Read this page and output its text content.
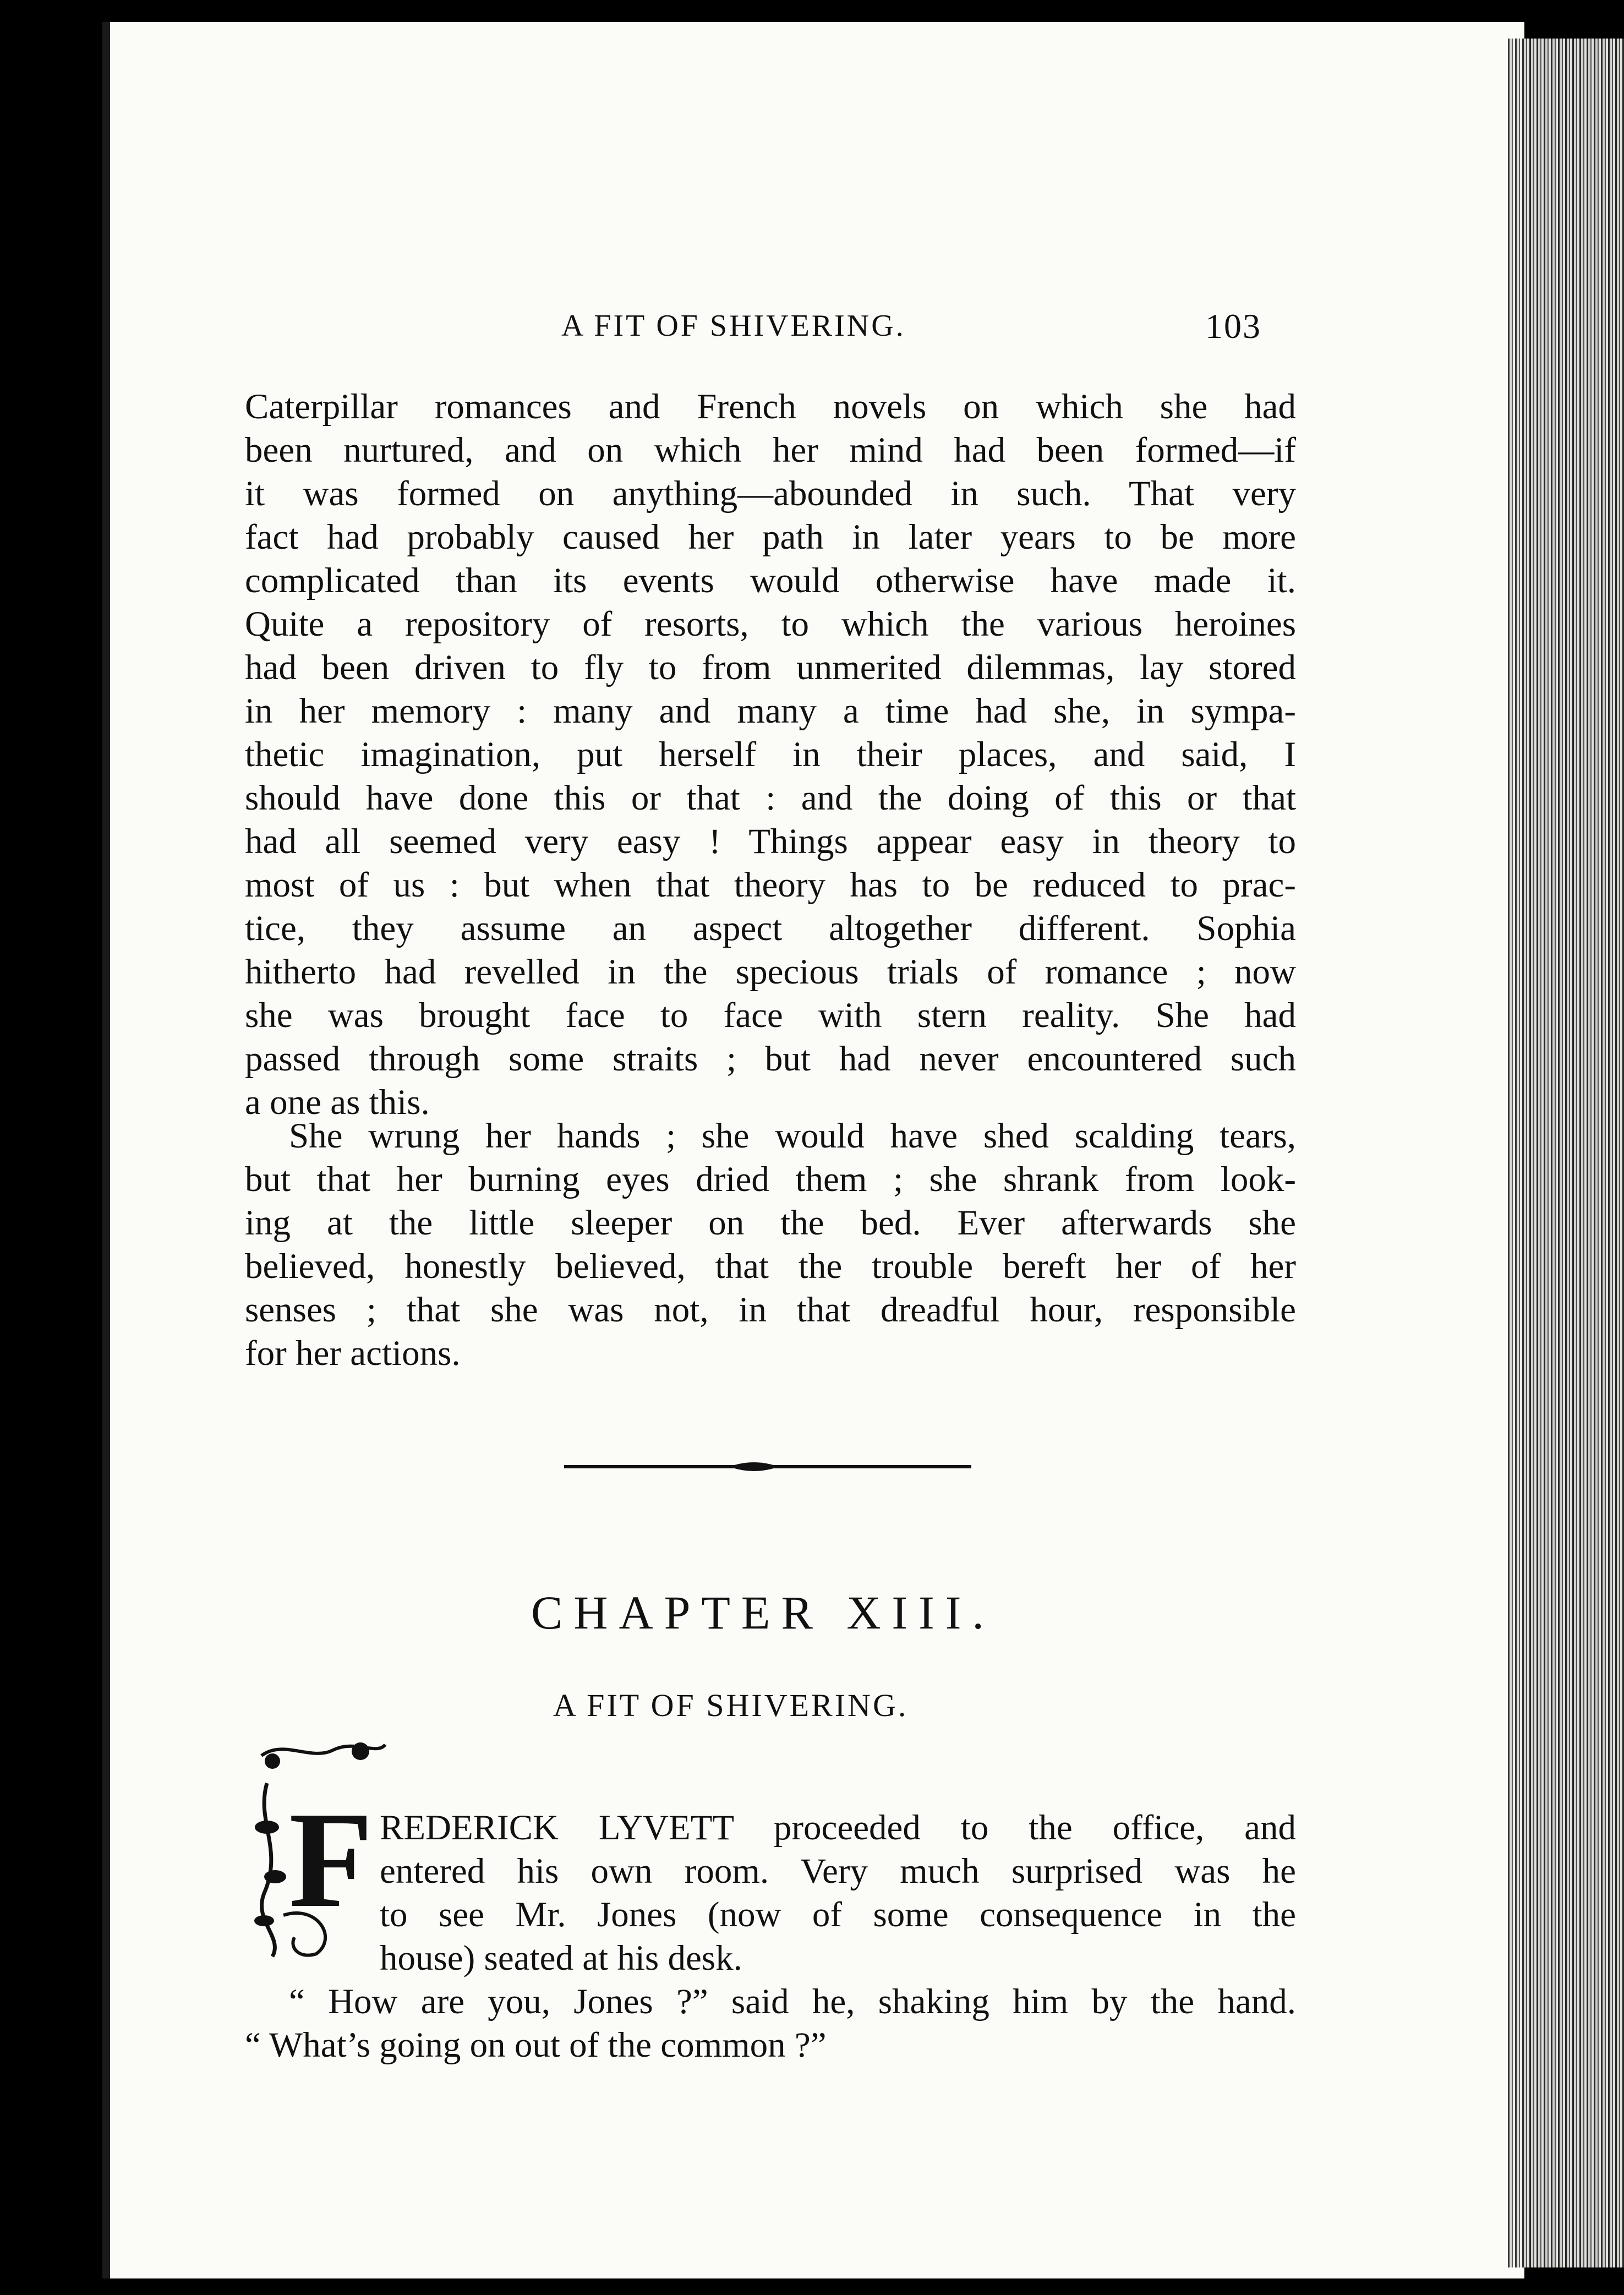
A FIT OF SHIVERING.	103
Caterpillar romances and French novels on which she had
been nurtured, and on which her mind had been formed—if
it was formed on anything—abounded in such. That very
fact had probably caused her path in later years to be more
complicated than its events would otherwise have made it.
Quite a repository of resorts, to which the various heroines
had been driven to fly to from unmerited dilemmas, lay stored
in her memory : many and many a time had she, in sympa-
thetic imagination, put herself in their places, and said, I
should have done this or that : and the doing of this or that
had all seemed very easy ! Things appear easy in theory to
most of us : but when that theory has to be reduced to prac-
tice, they assume an aspect altogether different. Sophia
hitherto had revelled in the specious trials of romance ; now
she was brought face to face with stern reality. She had
passed through some straits ; but had never encountered such
a one as this.
She wrung her hands ; she would have shed scalding tears,
but that her burning eyes dried them ; she shrank from look-
ing at the little sleeper on the bed. Ever afterwards she
believed, honestly believed, that the trouble bereft her of her
senses ; that she was not, in that dreadful hour, responsible
for her actions.
CHAPTER XIII.
A FIT OF SHIVERING.
F REDERICK LYVETT proceeded to the office, and
entered his own room. Very much surprised was he
to see Mr. Jones (now of some consequence in the
house) seated at his desk.
“ How are you, Jones ?” said he, shaking him by the hand.
“ What’s going on out of the common ?”
